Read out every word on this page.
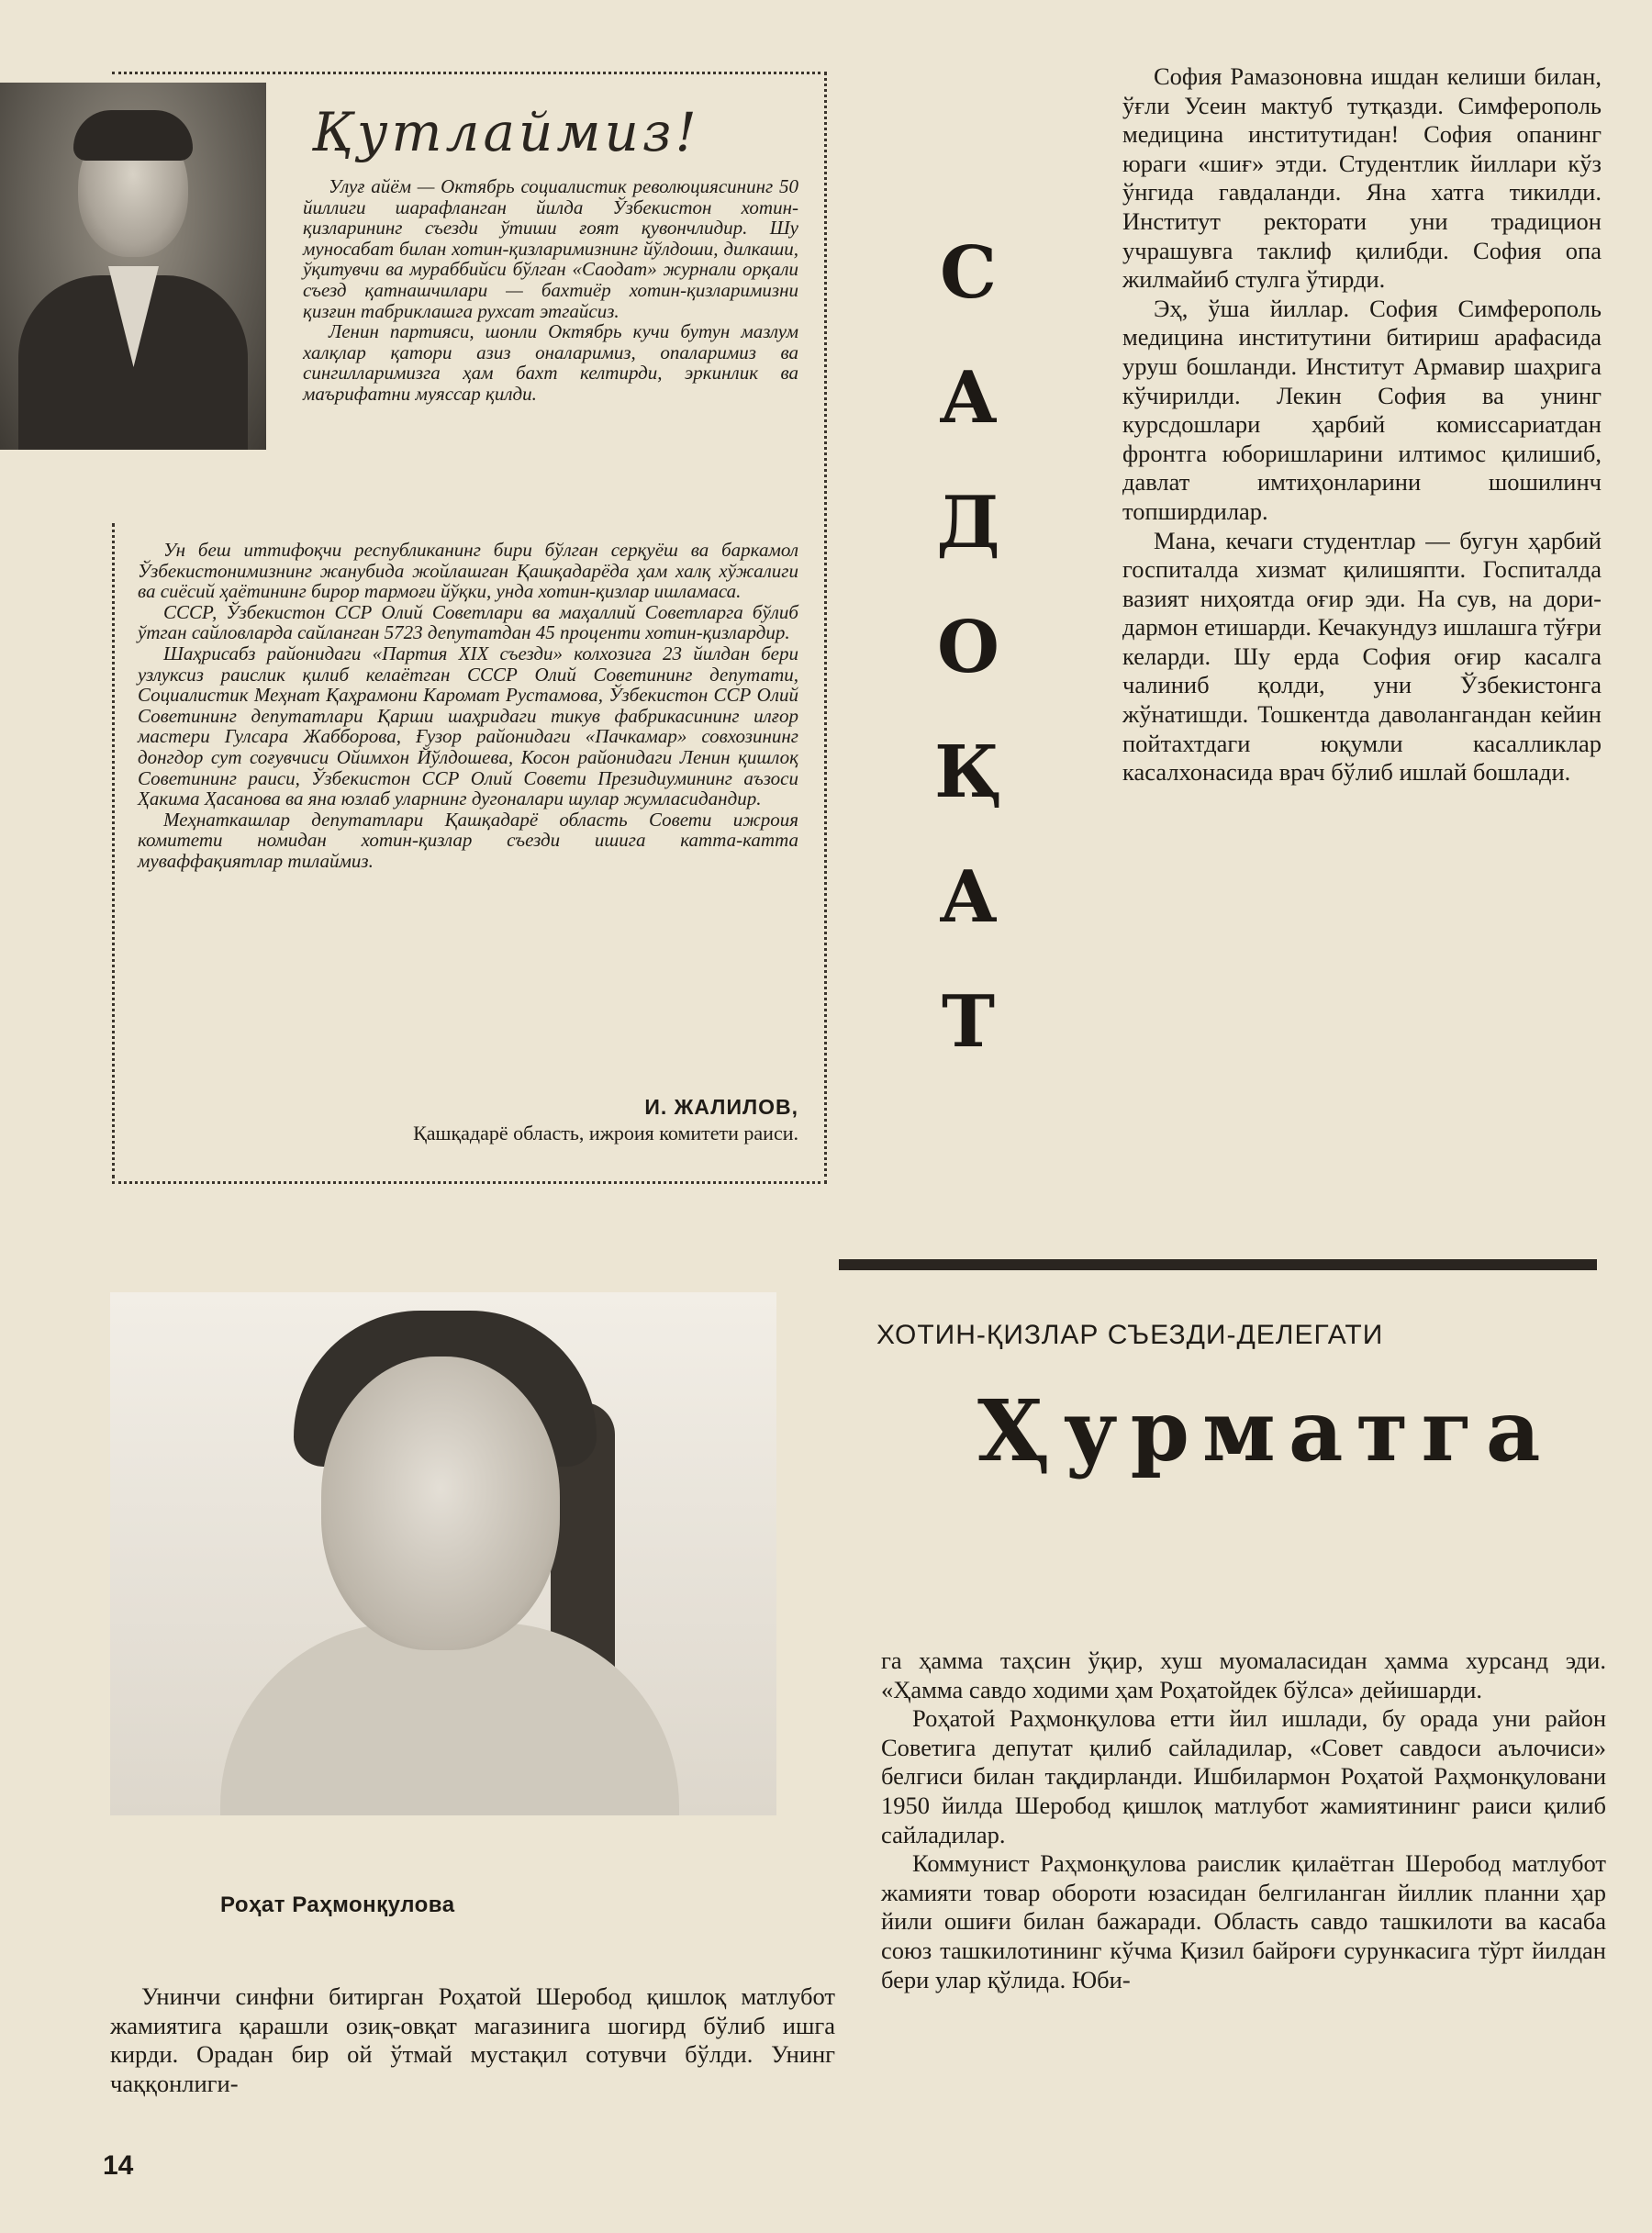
Қутлаймиз!

Улуғ айём — Октябрь социалистик революциясининг 50 йиллиги шарафланган йилда Ўзбекистон хотин-қизларининг съезди ўтиши ғоят қувончлидир. Шу муносабат билан хотин-қизларимизнинг йўлдоши, дилкаши, ўқитувчи ва мураббийси бўлган «Саодат» журнали орқали съезд қатнашчилари — бахтиёр хотин-қизларимизни қизғин табриклашга рухсат этгайсиз.

Ленин партияси, шонли Октябрь кучи бутун мазлум халқлар қатори азиз оналаримиз, опаларимиз ва сингилларимизга ҳам бахт келтирди, эркинлик ва маърифатни муяссар қилди.

Ун беш иттифоқчи республиканинг бири бўлган серқуёш ва баркамол Ўзбекистонимизнинг жанубида жойлашган Қашқадарёда ҳам халқ хўжалиги ва сиёсий ҳаётининг бирор тармоғи йўқки, унда хотин-қизлар ишламаса.

СССР, Ўзбекистон ССР Олий Советлари ва маҳаллий Советларга бўлиб ўтган сайловларда сайланган 5723 депутатдан 45 проценти хотин-қизлардир.

Шаҳрисабз районидаги «Партия XIX съезди» колхозига 23 йилдан бери узлуксиз раислик қилиб келаётган СССР Олий Советининг депутати, Социалистик Меҳнат Қаҳрамони Каромат Рустамова, Ўзбекистон ССР Олий Советининг депутатлари Қарши шаҳридаги тикув фабрикасининг илғор мастери Гулсара Жабборова, Ғузор районидаги «Пачкамар» совхозининг донгдор сут соғувчиси Ойимхон Йўлдошева, Косон районидаги Ленин қишлоқ Советининг раиси, Ўзбекистон ССР Олий Совети Президиумининг аъзоси Ҳакима Ҳасанова ва яна юзлаб уларнинг дугоналари шулар жумласидандир.

Меҳнаткашлар депутатлари Қашқадарё область Совети ижроия комитети номидан хотин-қизлар съезди ишига катта-катта муваффақиятлар тилаймиз.

И. ЖАЛИЛОВ,
Қашқадарё область, ижроия комитети раиси.
С
А
Д
О
Қ
А
Т

София Рамазоновна ишдан келиши билан, ўғли Усеин мактуб тутқазди. Симферополь медицина институтидан! София опанинг юраги «шиғ» этди. Студентлик йиллари кўз ўнгида гавдаланди. Яна хатга тикилди. Институт ректорати уни традицион учрашувга таклиф қилибди. София опа жилмайиб стулга ўтирди.

Эҳ, ўша йиллар. София Симферополь медицина институтини битириш арафасида уруш бошланди. Институт Армавир шаҳрига кўчирилди. Лекин София ва унинг курсдошлари ҳарбий комиссариатдан фронтга юборишларини илтимос қилишиб, давлат имтиҳонларини шошилинч топширдилар.

Мана, кечаги студентлар — бугун ҳарбий госпиталда хизмат қилишяпти. Госпиталда вазият ниҳоятда оғир эди. На сув, на дори-дармон етишарди. Кечакундуз ишлашга тўғри келарди. Шу ерда София оғир касалга чалиниб қолди, уни Ўзбекистонга жўнатишди. Тошкентда даволангандан кейин пойтахтдаги юқумли касалликлар касалхонасида врач бўлиб ишлай бошлади.

Роҳат Раҳмонқулова
ХОТИН-ҚИЗЛАР СЪЕЗДИ-ДЕЛЕГАТИ
Ҳурматга

Унинчи синфни битирган Роҳатой Шеробод қишлоқ матлубот жамиятига қарашли озиқ-овқат магазинига шогирд бўлиб ишга кирди. Орадан бир ой ўтмай мустақил сотувчи бўлди. Унинг чаққонлиги-

га ҳамма таҳсин ўқир, хуш муомаласидан ҳамма хурсанд эди. «Ҳамма савдо ходими ҳам Роҳатойдек бўлса» дейишарди.

Роҳатой Раҳмонқулова етти йил ишлади, бу орада уни район Советига депутат қилиб сайладилар, «Совет савдоси аълочиси» белгиси билан тақдирланди. Ишбилармон Роҳатой Раҳмонқуловани 1950 йилда Шеробод қишлоқ матлубот жамиятининг раиси қилиб сайладилар.

Коммунист Раҳмонқулова раислик қилаётган Шеробод матлубот жамияти товар обороти юзасидан белгиланган йиллик планни ҳар йили ошиғи билан бажаради. Область савдо ташкилоти ва касаба союз ташкилотининг кўчма Қизил байроғи сурункасига тўрт йилдан бери улар қўлида. Юби-

14
